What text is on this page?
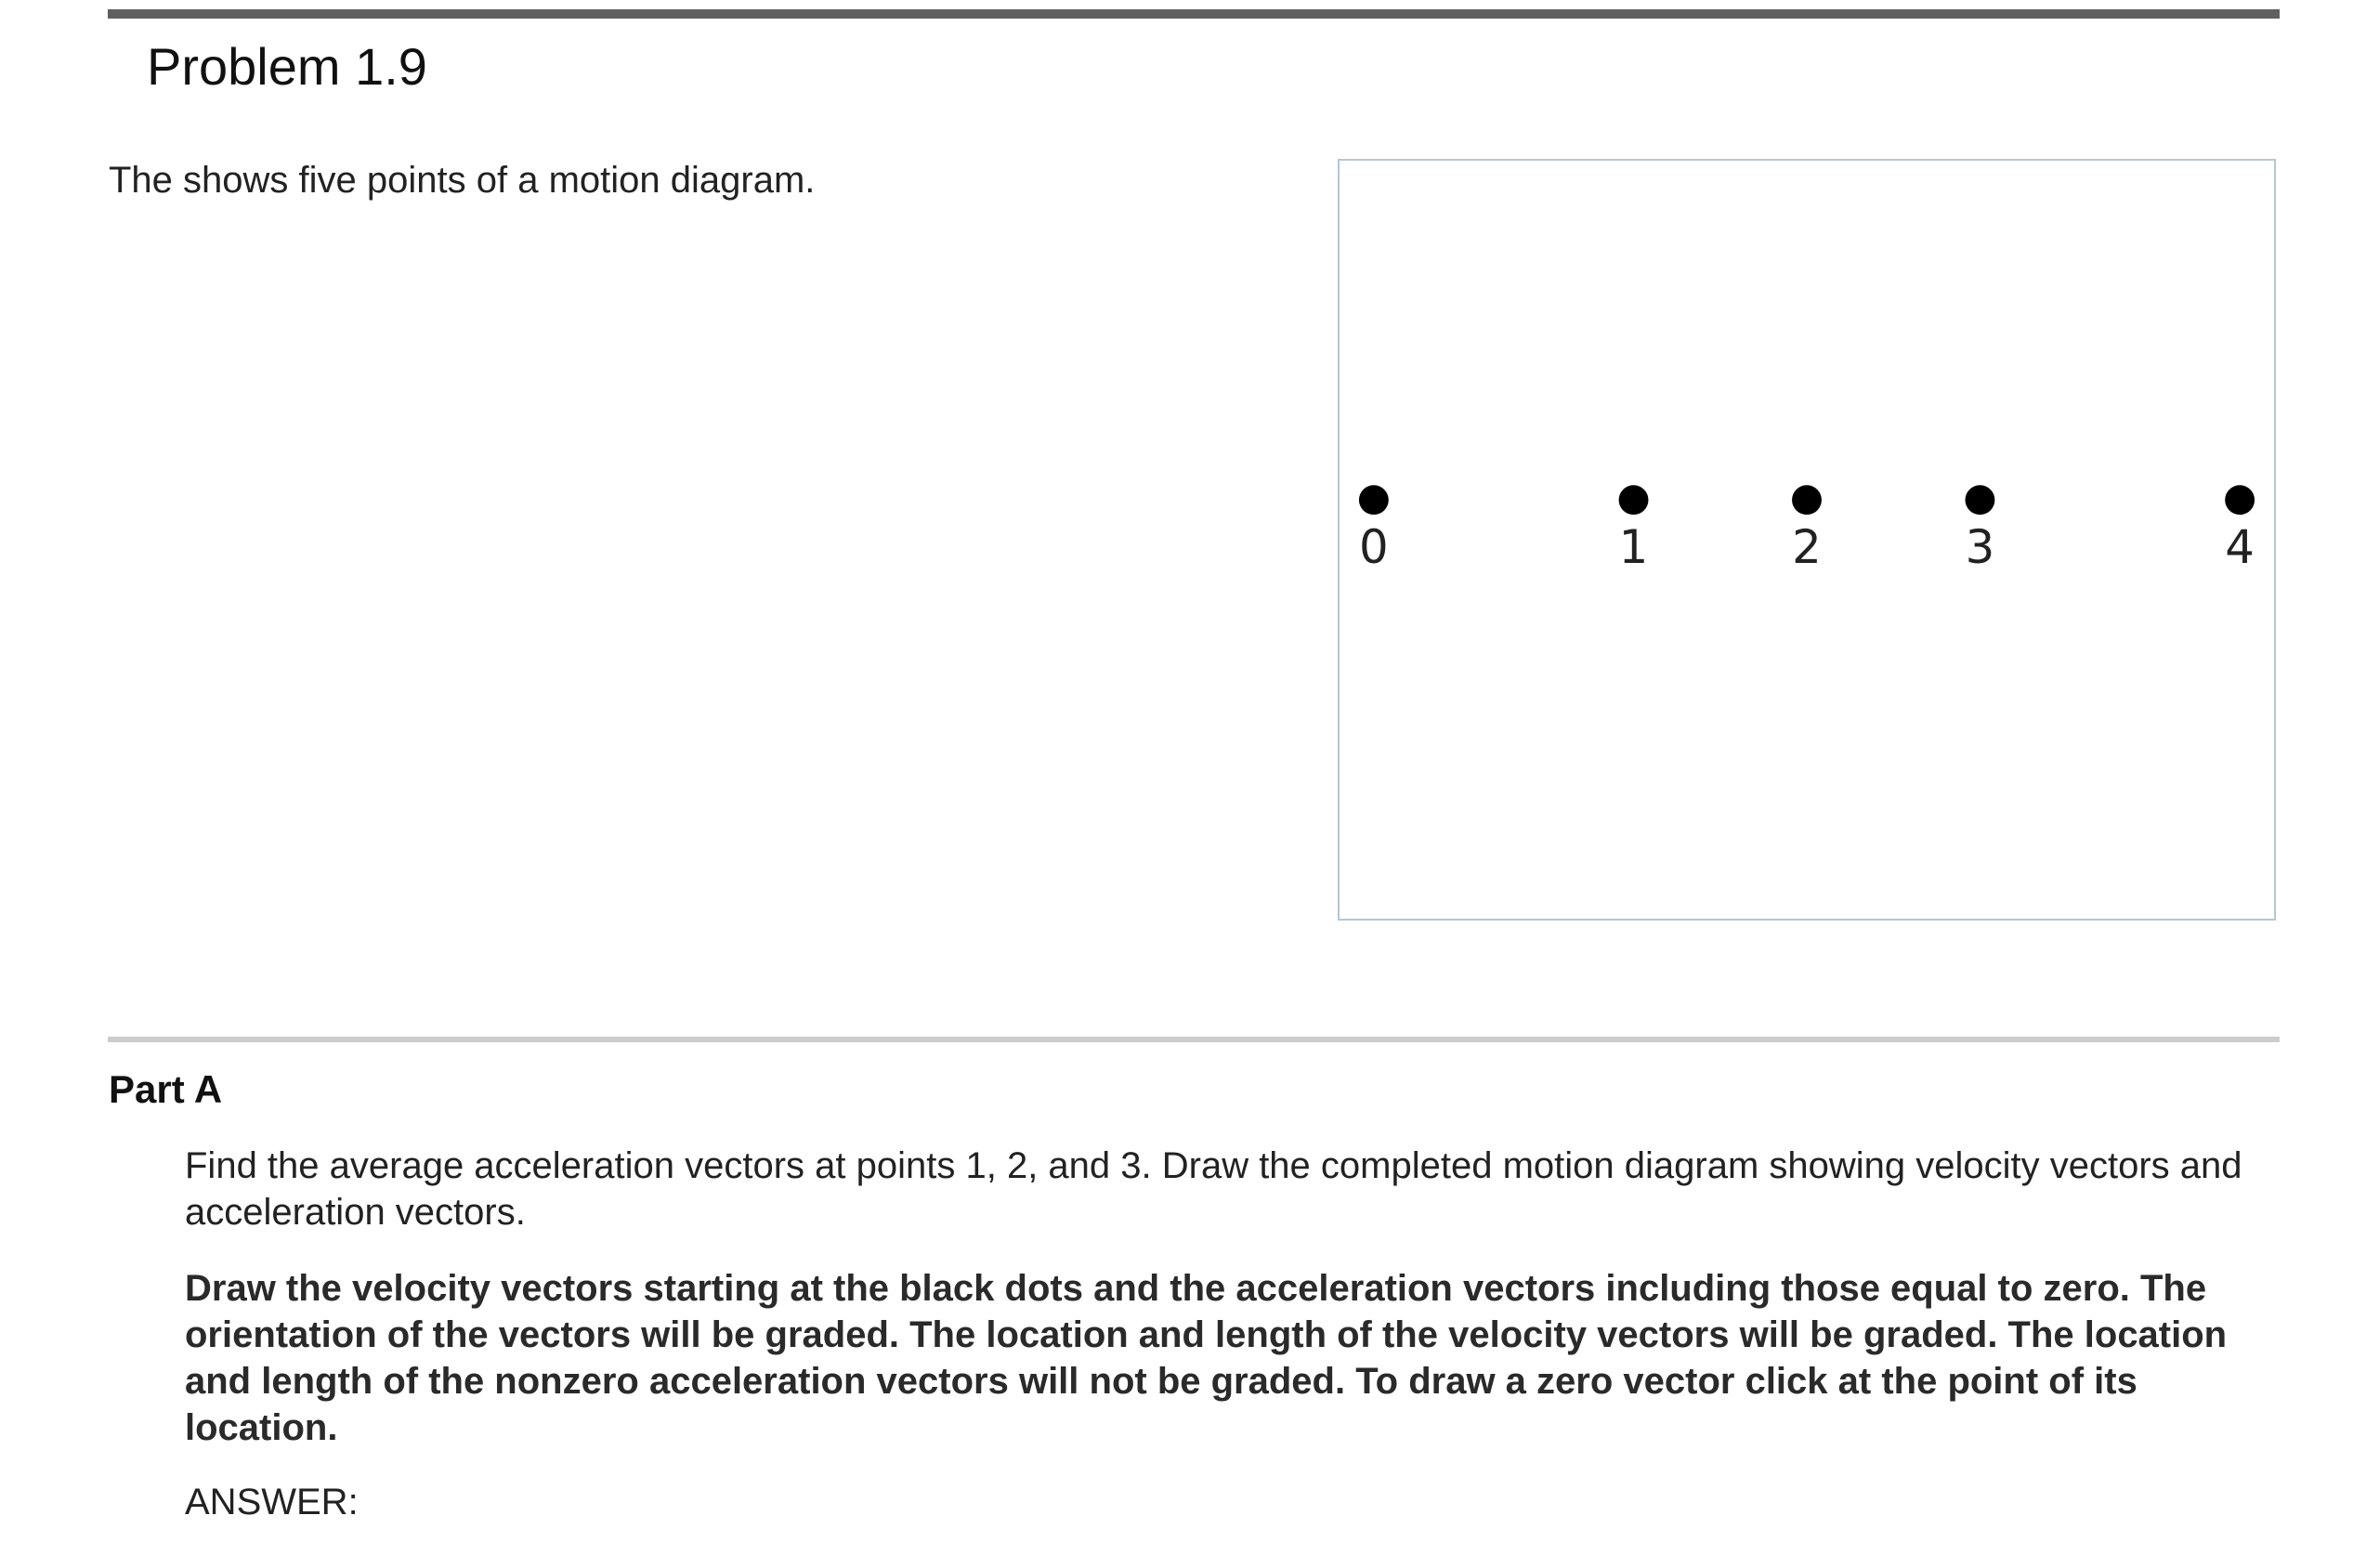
Problem 1.9
The shows five points of a motion diagram.
0	1	2	3	4
Part A
Find the average acceleration vectors at points 1, 2, and 3. Draw the completed motion diagram showing velocity vectors and acceleration vectors.
Draw the velocity vectors starting at the black dots and the acceleration vectors including those equal to zero. The orientation of the vectors will be graded. The location and length of the velocity vectors will be graded. The location and length of the nonzero acceleration vectors will not be graded. To draw a zero vector click at the point of its location.
ANSWER:
